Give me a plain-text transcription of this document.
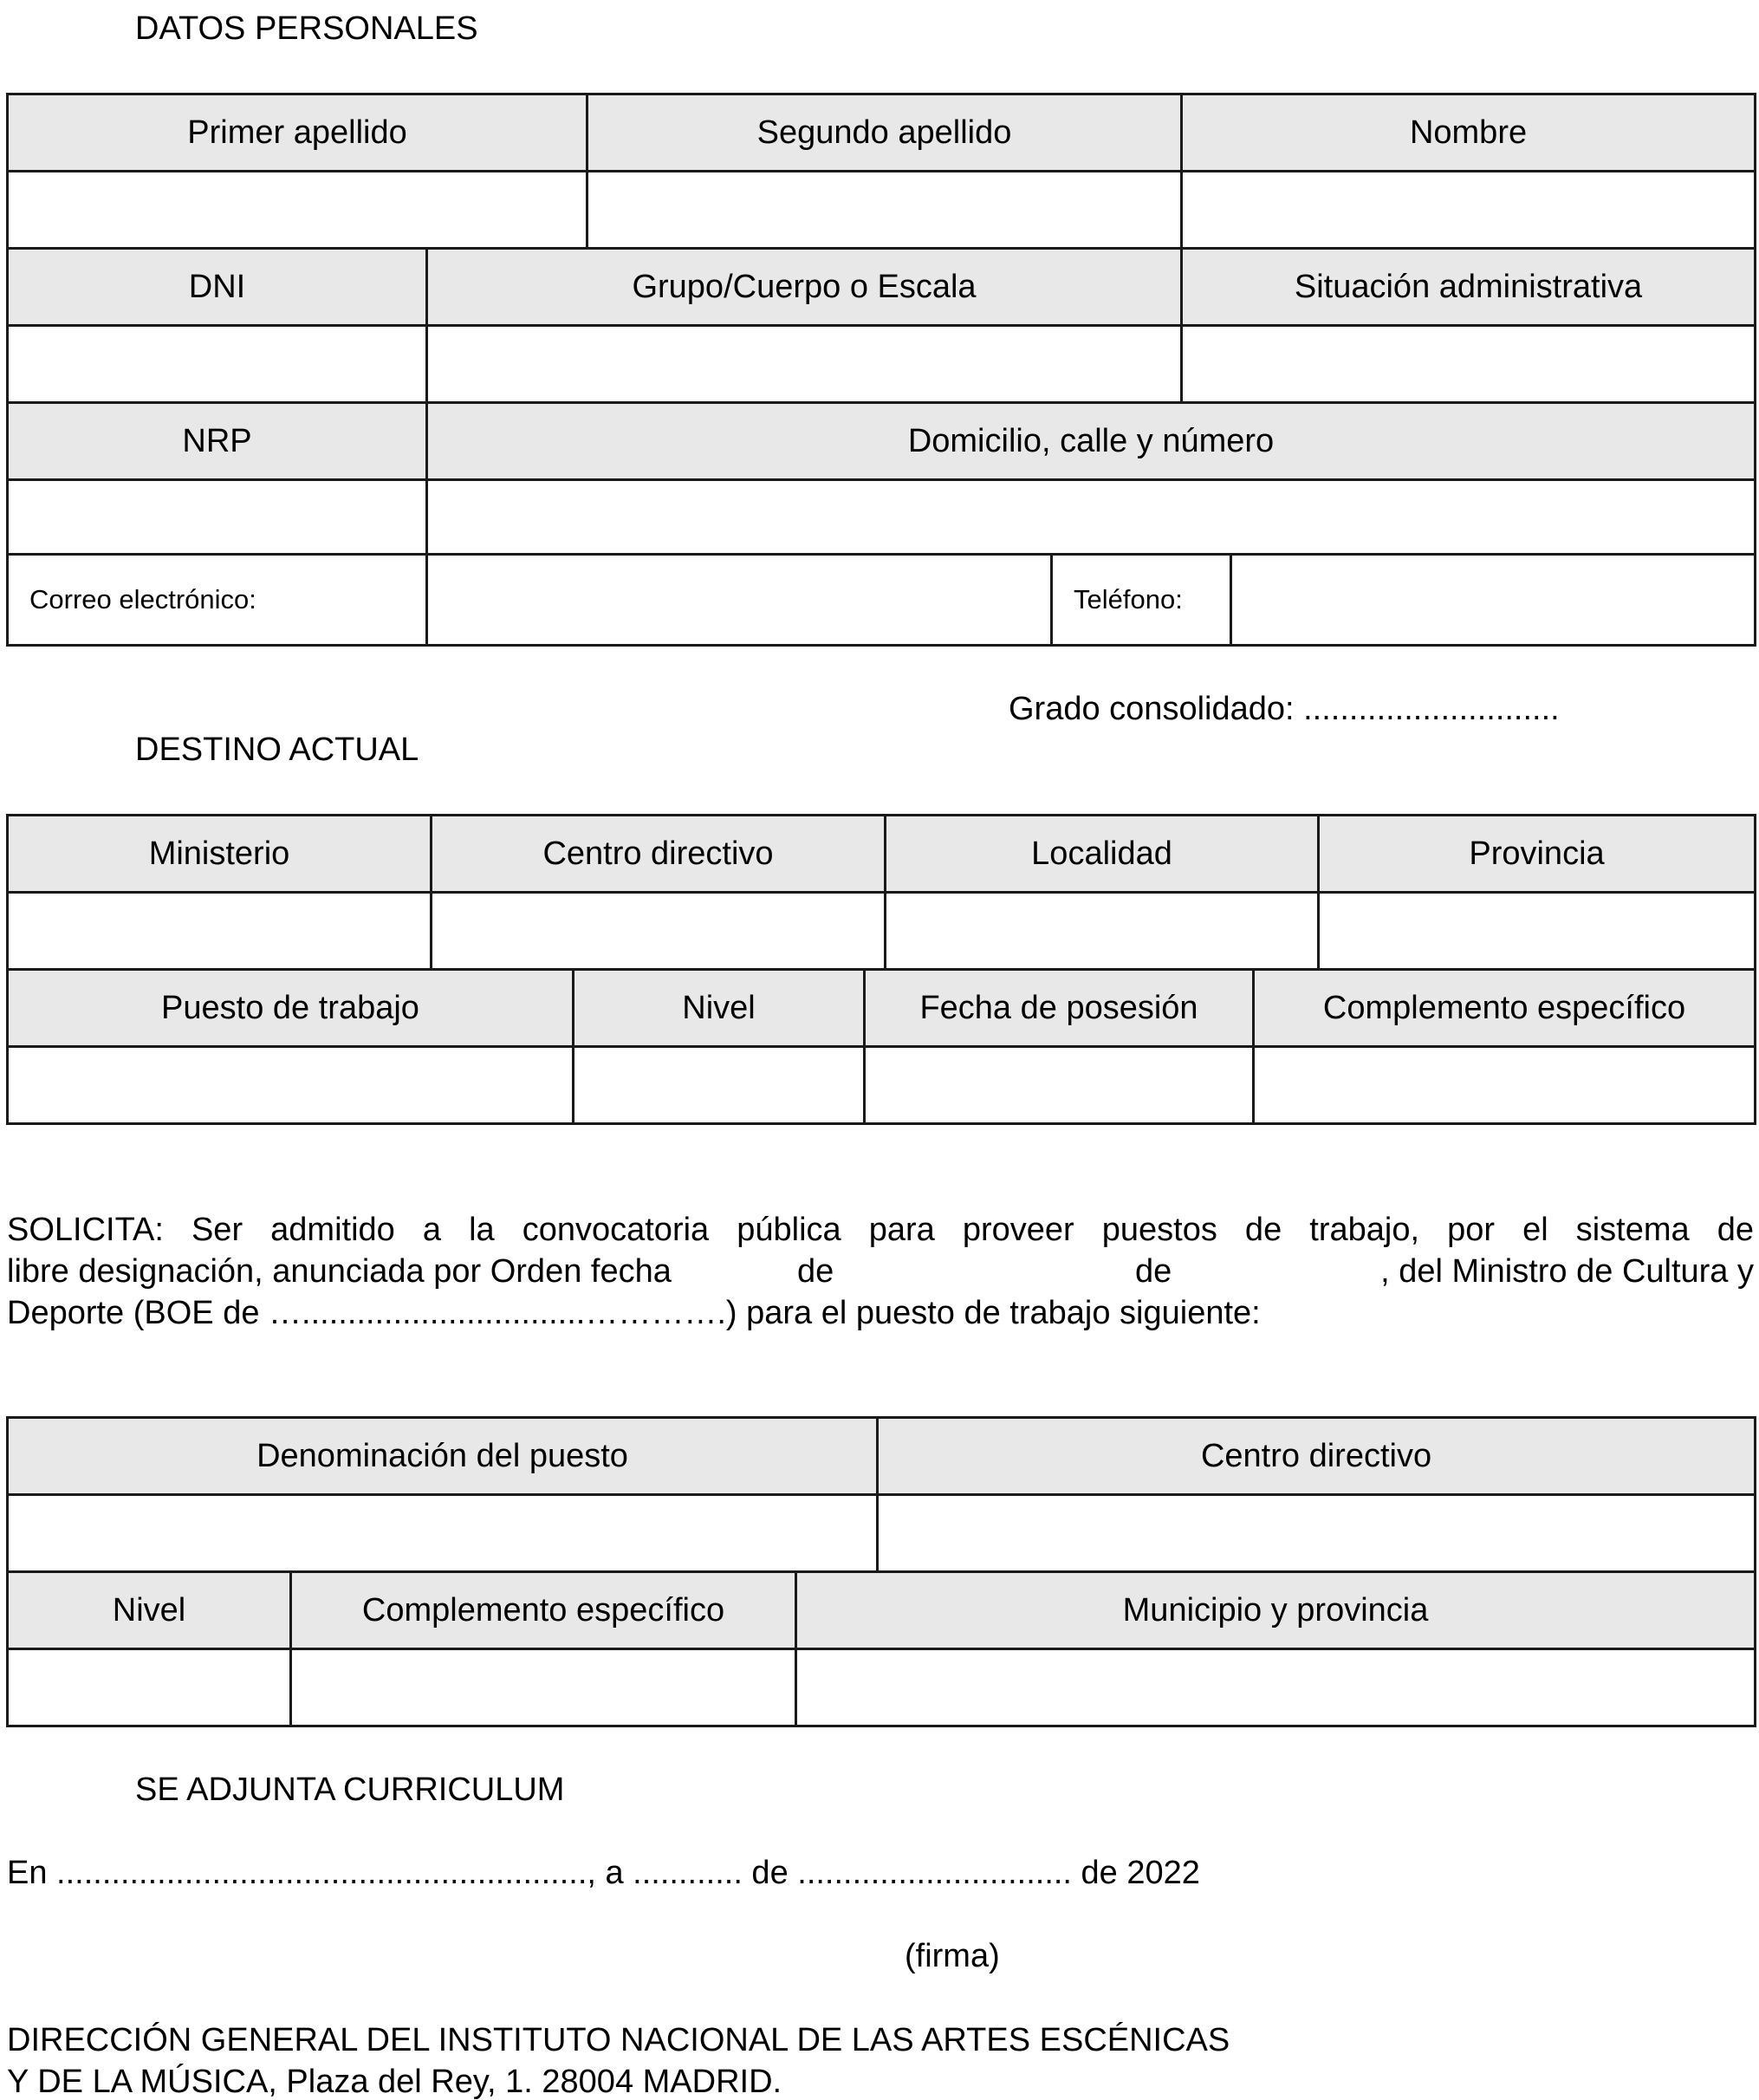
DATOS PERSONALES
Primer apellido		Segundo apellido	Nombre

DNI	Grupo/Cuerpo o Escala		Situación administrativa

NRP	Domicilio, calle y número		

Correo electrónico:		Teléfono:	
Grado consolidado: ............................
DESTINO ACTUAL
Ministerio	Centro directivo			Localidad		Provincia

Puesto de trabajo		Nivel	Fecha de posesión		Complemento específico	

SOLICITA: Ser admitido a la convocatoria pública para proveer puestos de trabajo, por el sistema de
libre designación, anunciada por Orden fecha	de	de	, del Ministro de Cultura y
Deporte (BOE de …...............................………….) para el puesto de trabajo siguiente:
Denominación del puesto			Centro directivo

Nivel	Complemento específico	Municipio y provincia	

SE ADJUNTA CURRICULUM
En .........................................................., a ............ de .............................. de 2022
(firma)
DIRECCIÓN GENERAL DEL INSTITUTO NACIONAL DE LAS ARTES ESCÉNICAS
Y DE LA MÚSICA, Plaza del Rey, 1. 28004 MADRID.
